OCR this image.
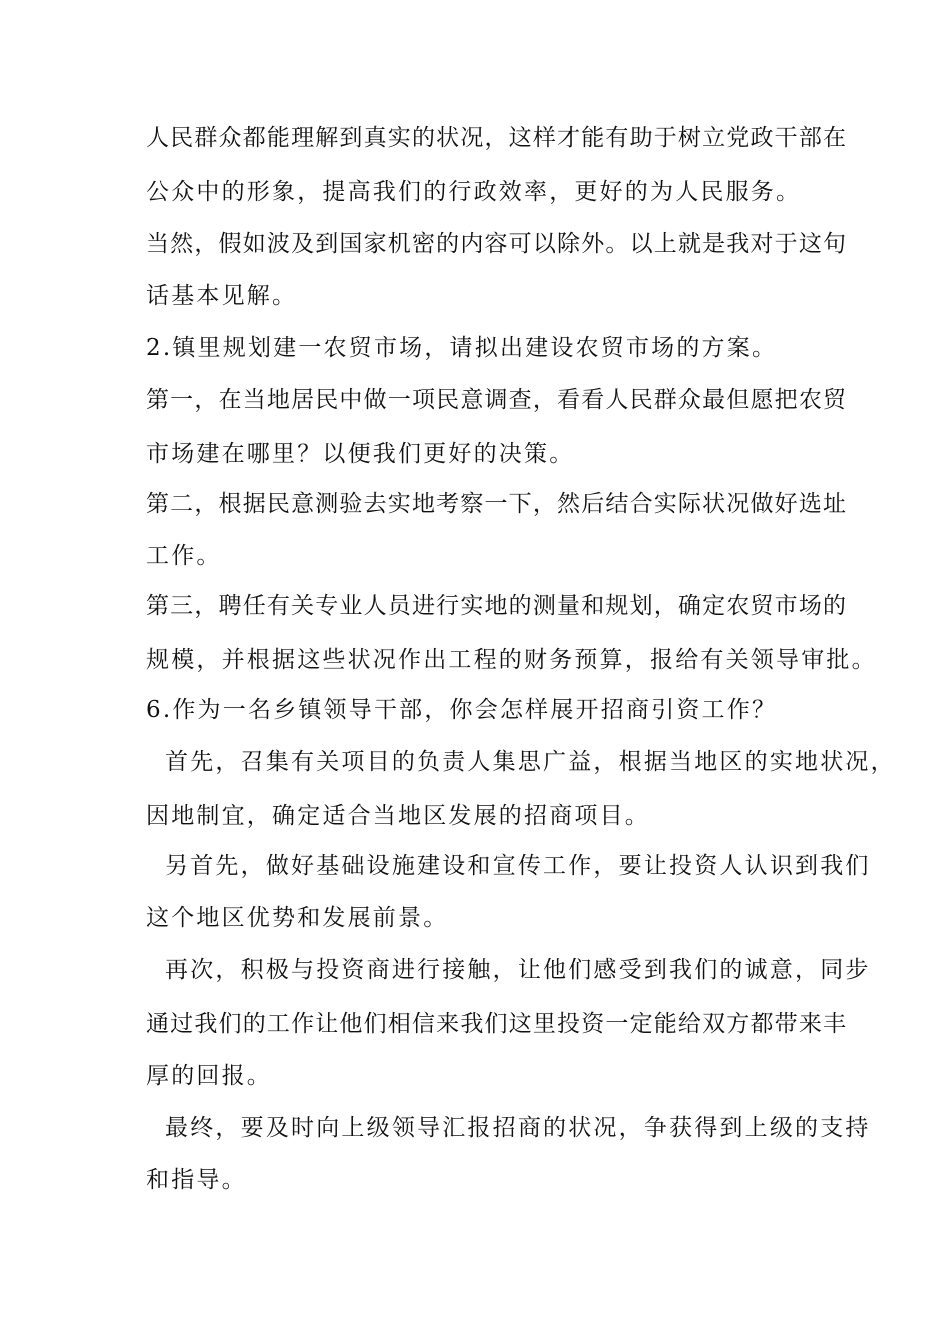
人民群众都能理解到真实的状况，这样才能有助于树立党政干部在
公众中的形象，提高我们的行政效率，更好的为人民服务。
当然，假如波及到国家机密的内容可以除外。以上就是我对于这句
话基本见解。
2.镇里规划建一农贸市场，请拟出建设农贸市场的方案。
第一，在当地居民中做一项民意调查，看看人民群众最但愿把农贸
市场建在哪里？以便我们更好的决策。
第二，根据民意测验去实地考察一下，然后结合实际状况做好选址
工作。
第三，聘任有关专业人员进行实地的测量和规划，确定农贸市场的
规模，并根据这些状况作出工程的财务预算，报给有关领导审批。
6.作为一名乡镇领导干部，你会怎样展开招商引资工作？
首先，召集有关项目的负责人集思广益，根据当地区的实地状况，
因地制宜，确定适合当地区发展的招商项目。
另首先，做好基础设施建设和宣传工作，要让投资人认识到我们
这个地区优势和发展前景。
再次，积极与投资商进行接触，让他们感受到我们的诚意，同步
通过我们的工作让他们相信来我们这里投资一定能给双方都带来丰
厚的回报。
最终，要及时向上级领导汇报招商的状况，争获得到上级的支持
和指导。
